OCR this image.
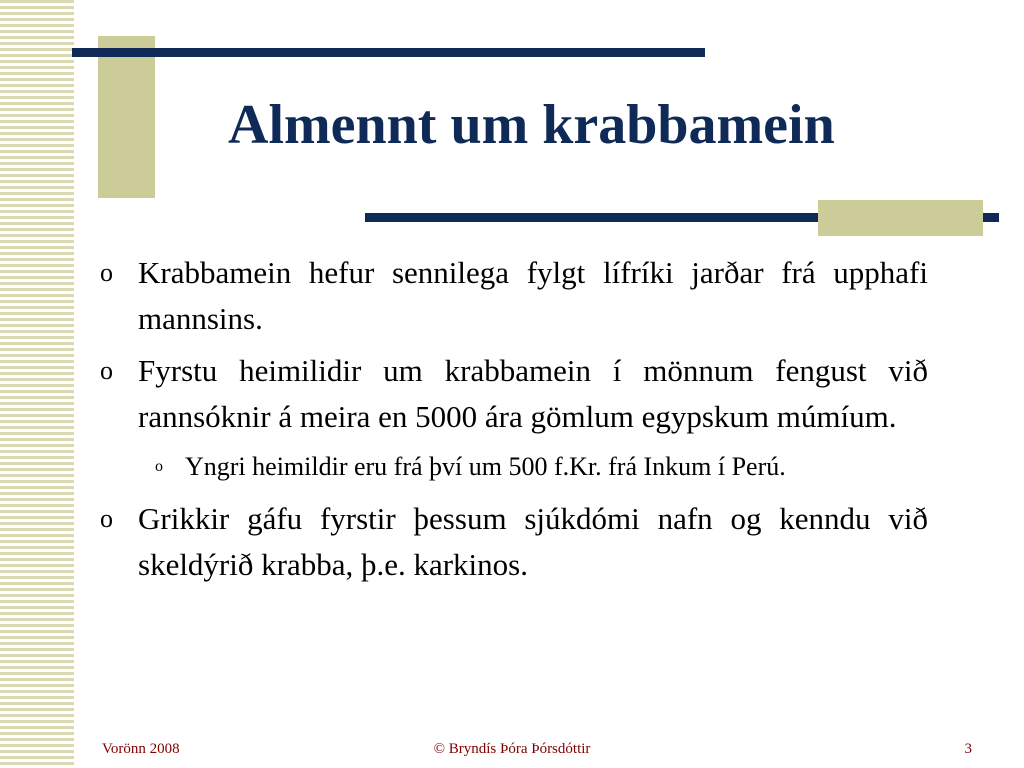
Almennt um krabbamein

o Krabbamein hefur sennilega fylgt lífríki jarðar frá upphafi mannsins.

o Fyrstu heimilidir um krabbamein í mönnum fengust við rannsóknir á meira en 5000 ára gömlum egypskum múmíum.

o Yngri heimildir eru frá því um 500 f.Kr. frá Inkum í Perú.

o Grikkir gáfu fyrstir þessum sjúkdómi nafn og kenndu við skeldýrið krabba, þ.e. karkinos.

Vorönn 2008	© Bryndís Þóra Þórsdóttir	3
